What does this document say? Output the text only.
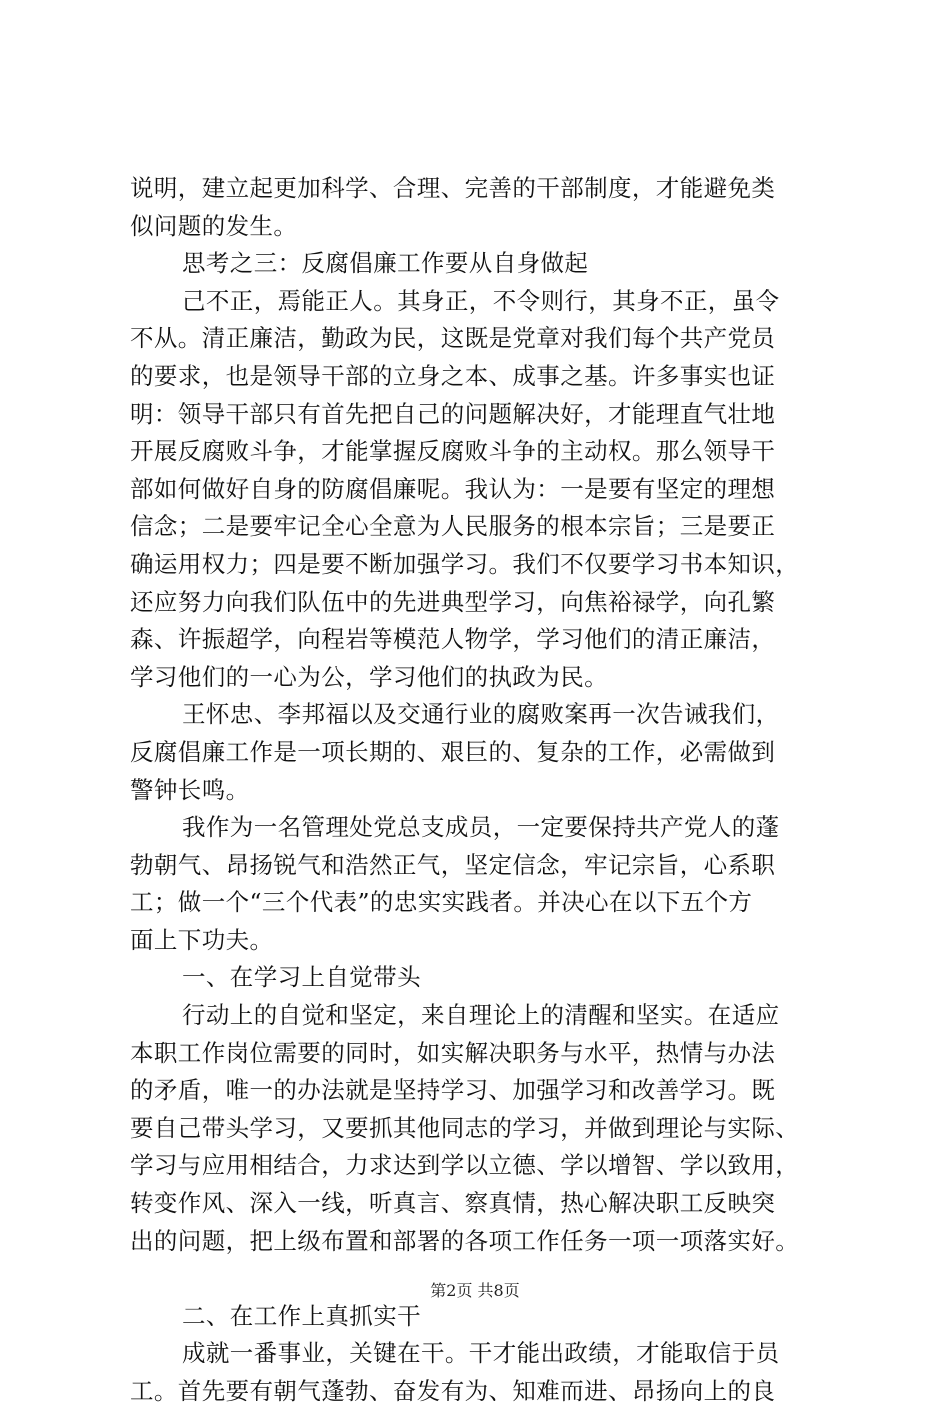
说明，建立起更加科学、合理、完善的干部制度，才能避免类
似问题的发生。
思考之三：反腐倡廉工作要从自身做起
己不正，焉能正人。其身正，不令则行，其身不正，虽令
不从。清正廉洁，勤政为民，这既是党章对我们每个共产党员
的要求，也是领导干部的立身之本、成事之基。许多事实也证
明：领导干部只有首先把自己的问题解决好，才能理直气壮地
开展反腐败斗争，才能掌握反腐败斗争的主动权。那么领导干
部如何做好自身的防腐倡廉呢。我认为：一是要有坚定的理想
信念；二是要牢记全心全意为人民服务的根本宗旨；三是要正
确运用权力；四是要不断加强学习。我们不仅要学习书本知识，
还应努力向我们队伍中的先进典型学习，向焦裕禄学，向孔繁
森、许振超学，向程岩等模范人物学，学习他们的清正廉洁，
学习他们的一心为公，学习他们的执政为民。
王怀忠、李邦福以及交通行业的腐败案再一次告诫我们，
反腐倡廉工作是一项长期的、艰巨的、复杂的工作，必需做到
警钟长鸣。
我作为一名管理处党总支成员，一定要保持共产党人的蓬
勃朝气、昂扬锐气和浩然正气，坚定信念，牢记宗旨，心系职
工；做一个“三个代表”的忠实实践者。并决心在以下五个方
面上下功夫。
一、在学习上自觉带头
行动上的自觉和坚定，来自理论上的清醒和坚实。在适应
本职工作岗位需要的同时，如实解决职务与水平，热情与办法
的矛盾，唯一的办法就是坚持学习、加强学习和改善学习。既
要自己带头学习，又要抓其他同志的学习，并做到理论与实际、
学习与应用相结合，力求达到学以立德、学以增智、学以致用，
转变作风、深入一线，听真言、察真情，热心解决职工反映突
出的问题，把上级布置和部署的各项工作任务一项一项落实好。
二、在工作上真抓实干
成就一番事业，关键在干。干才能出政绩，才能取信于员
工。首先要有朝气蓬勃、奋发有为、知难而进、昂扬向上的良
第2页 共8页
